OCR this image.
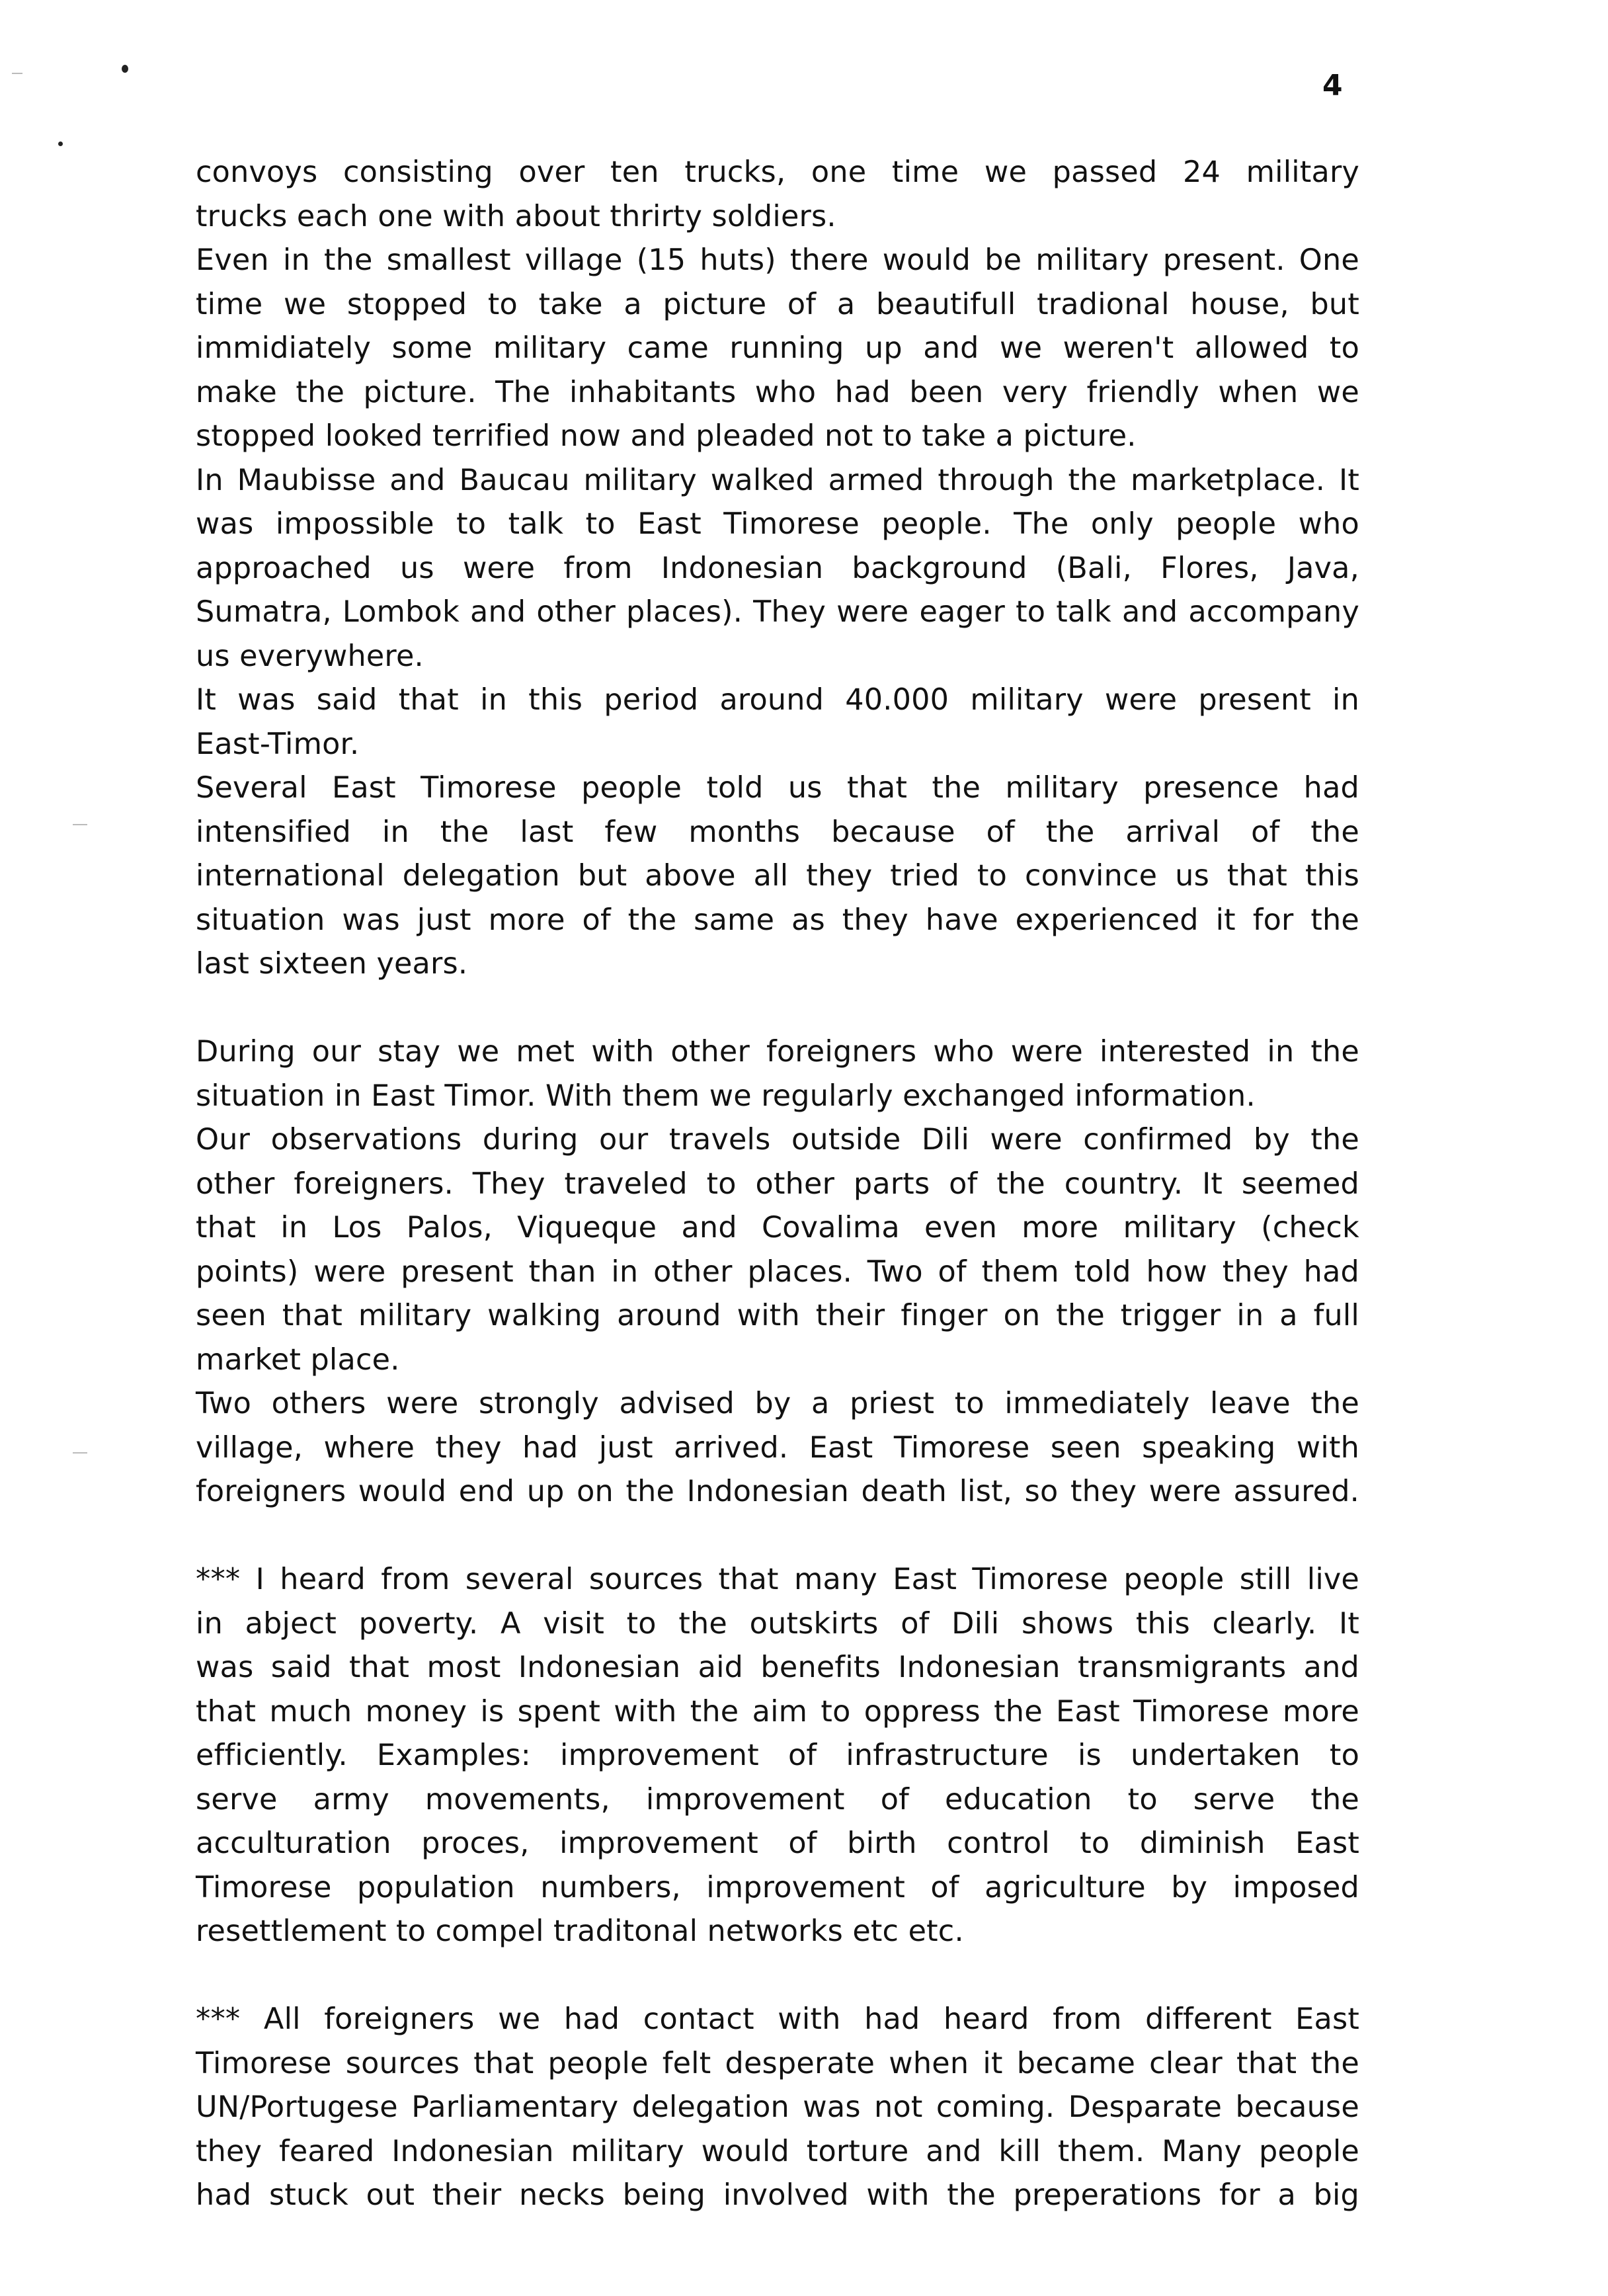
4
convoys consisting over ten trucks, one time we passed 24 military
trucks each one with about thrirty soldiers.
Even in the smallest village (15 huts) there would be military present. One
time we stopped to take a picture of a beautifull tradional house, but
immidiately some military came running up and we weren't allowed to
make the picture. The inhabitants who had been very friendly when we
stopped looked terrified now and pleaded not to take a picture.
In Maubisse and Baucau military walked armed through the marketplace. It
was impossible to talk to East Timorese people. The only people who
approached us were from Indonesian background (Bali, Flores, Java,
Sumatra, Lombok and other places). They were eager to talk and accompany
us everywhere.
It was said that in this period around 40.000 military were present in
East-Timor.
Several East Timorese people told us that the military presence had
intensified in the last few months because of the arrival of the
international delegation but above all they tried to convince us that this
situation was just more of the same as they have experienced it for the
last sixteen years.
During our stay we met with other foreigners who were interested in the
situation in East Timor. With them we regularly exchanged information.
Our observations during our travels outside Dili were confirmed by the
other foreigners. They traveled to other parts of the country. It seemed
that in Los Palos, Viqueque and Covalima even more military (check
points) were present than in other places. Two of them told how they had
seen that military walking around with their finger on the trigger in a full
market place.
Two others were strongly advised by a priest to immediately leave the
village, where they had just arrived. East Timorese seen speaking with
foreigners would end up on the Indonesian death list, so they were assured.
*** I heard from several sources that many East Timorese people still live
in abject poverty. A visit to the outskirts of Dili shows this clearly. It
was said that most Indonesian aid benefits Indonesian transmigrants and
that much money is spent with the aim to oppress the East Timorese more
efficiently. Examples: improvement of infrastructure is undertaken to
serve army movements, improvement of education to serve the
acculturation proces, improvement of birth control to diminish East
Timorese population numbers, improvement of agriculture by imposed
resettlement to compel traditonal networks etc etc.
*** All foreigners we had contact with had heard from different East
Timorese sources that people felt desperate when it became clear that the
UN/Portugese Parliamentary delegation was not coming. Desparate because
they feared Indonesian military would torture and kill them. Many people
had stuck out their necks being involved with the preperations for a big
